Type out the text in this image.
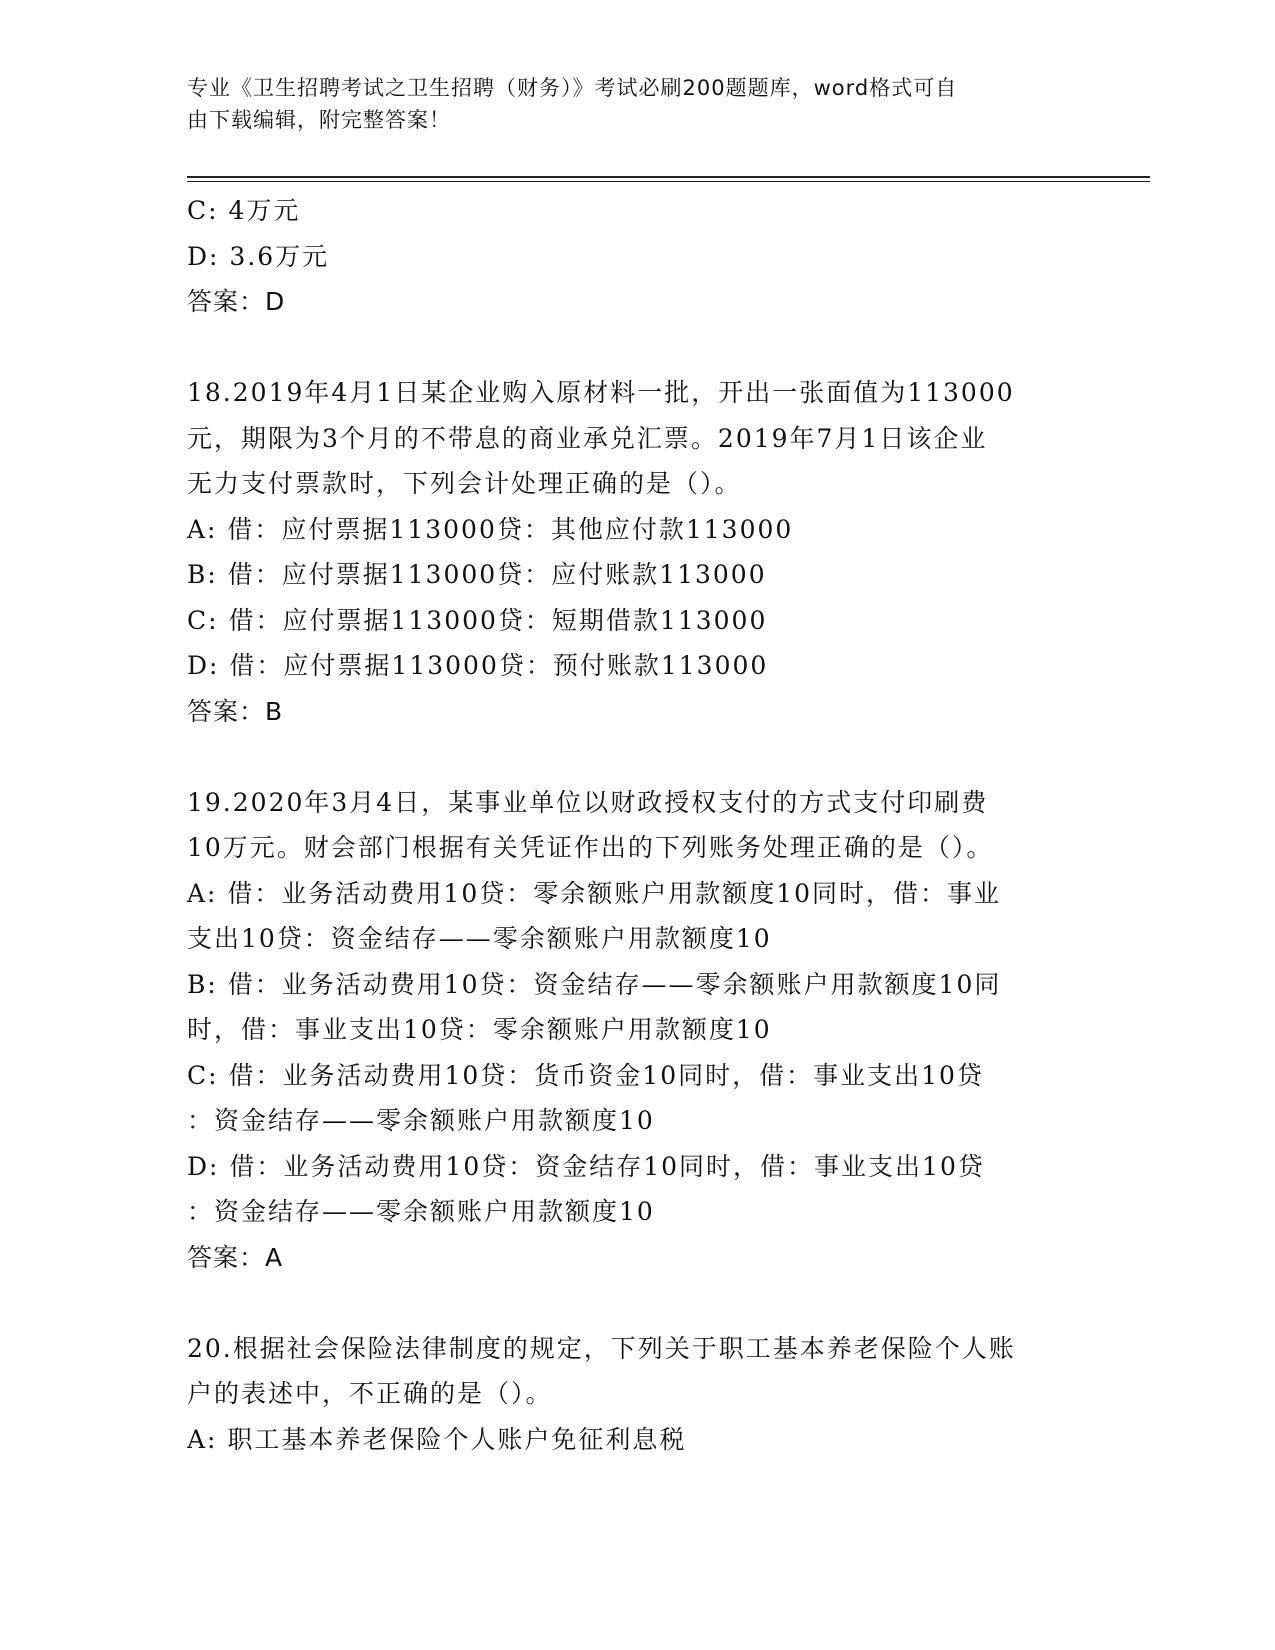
专业《卫生招聘考试之卫生招聘（财务）》考试必刷200题题库，word格式可自
由下载编辑，附完整答案！
C: 4万元
D: 3.6万元
答案：D
18.2019年4月1日某企业购入原材料一批，开出一张面值为113000
元，期限为3个月的不带息的商业承兑汇票。2019年7月1日该企业
无力支付票款时，下列会计处理正确的是（）。
A: 借：应付票据113000贷：其他应付款113000
B: 借：应付票据113000贷：应付账款113000
C: 借：应付票据113000贷：短期借款113000
D: 借：应付票据113000贷：预付账款113000
答案：B
19.2020年3月4日，某事业单位以财政授权支付的方式支付印刷费
10万元。财会部门根据有关凭证作出的下列账务处理正确的是（）。
A: 借：业务活动费用10贷：零余额账户用款额度10同时，借：事业
支出10贷：资金结存——零余额账户用款额度10
B: 借：业务活动费用10贷：资金结存——零余额账户用款额度10同
时，借：事业支出10贷：零余额账户用款额度10
C: 借：业务活动费用10贷：货币资金10同时，借：事业支出10贷
：资金结存——零余额账户用款额度10
D: 借：业务活动费用10贷：资金结存10同时，借：事业支出10贷
：资金结存——零余额账户用款额度10
答案：A
20.根据社会保险法律制度的规定，下列关于职工基本养老保险个人账
户的表述中，不正确的是（）。
A: 职工基本养老保险个人账户免征利息税
